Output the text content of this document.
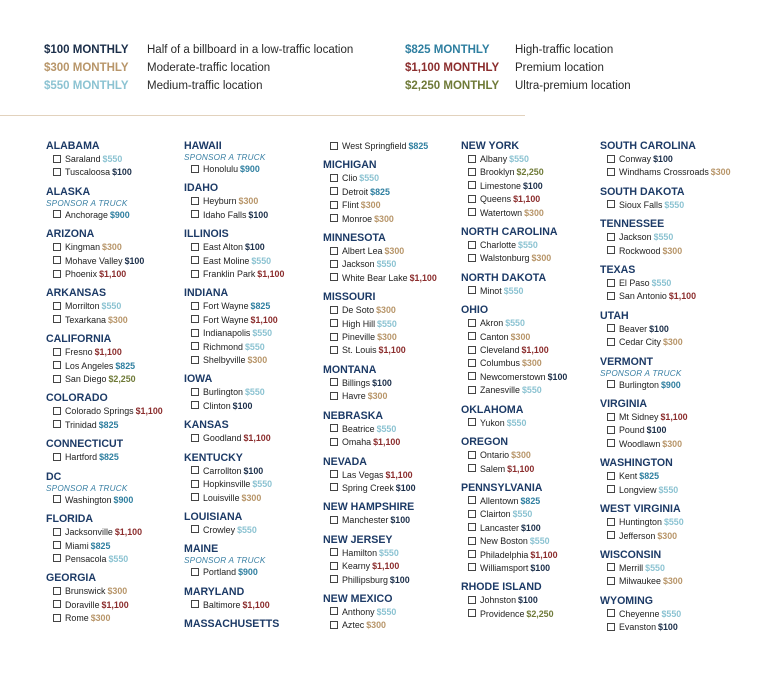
$100 MONTHLY Half of a billboard in a low-traffic location
$300 MONTHLY Moderate-traffic location
$550 MONTHLY Medium-traffic location
$825 MONTHLY High-traffic location
$1,100 MONTHLY Premium location
$2,250 MONTHLY Ultra-premium location
ALABAMA
Saraland $550
Tuscaloosa $100
ALASKA
SPONSOR A TRUCK
Anchorage $900
ARIZONA
Kingman $300
Mohave Valley $100
Phoenix $1,100
ARKANSAS
Morrilton $550
Texarkana $300
CALIFORNIA
Fresno $1,100
Los Angeles $825
San Diego $2,250
COLORADO
Colorado Springs $1,100
Trinidad $825
CONNECTICUT
Hartford $825
DC
SPONSOR A TRUCK
Washington $900
FLORIDA
Jacksonville $1,100
Miami $825
Pensacola $550
GEORGIA
Brunswick $300
Doraville $1,100
Rome $300
HAWAII
SPONSOR A TRUCK
Honolulu $900
IDAHO
Heyburn $300
Idaho Falls $100
ILLINOIS
East Alton $100
East Moline $550
Franklin Park $1,100
INDIANA
Fort Wayne $825
Fort Wayne $1,100
Indianapolis $550
Richmond $550
Shelbyville $300
IOWA
Burlington $550
Clinton $100
KANSAS
Goodland $1,100
KENTUCKY
Carrollton $100
Hopkinsville $550
Louisville $300
LOUISIANA
Crowley $550
MAINE
SPONSOR A TRUCK
Portland $900
MARYLAND
Baltimore $1,100
MASSACHUSETTS
West Springfield $825
MICHIGAN
Clio $550
Detroit $825
Flint $300
Monroe $300
MINNESOTA
Albert Lea $300
Jackson $550
White Bear Lake $1,100
MISSOURI
De Soto $300
High Hill $550
Pineville $300
St. Louis $1,100
MONTANA
Billings $100
Havre $300
NEBRASKA
Beatrice $550
Omaha $1,100
NEVADA
Las Vegas $1,100
Spring Creek $100
NEW HAMPSHIRE
Manchester $100
NEW JERSEY
Hamilton $550
Kearny $1,100
Phillipsburg $100
NEW MEXICO
Anthony $550
Aztec $300
NEW YORK
Albany $550
Brooklyn $2,250
Limestone $100
Queens $1,100
Watertown $300
NORTH CAROLINA
Charlotte $550
Walstonburg $300
NORTH DAKOTA
Minot $550
OHIO
Akron $550
Canton $300
Cleveland $1,100
Columbus $300
Newcomerstown $100
Zanesville $550
OKLAHOMA
Yukon $550
OREGON
Ontario $300
Salem $1,100
PENNSYLVANIA
Allentown $825
Clairton $550
Lancaster $100
New Boston $550
Philadelphia $1,100
Williamsport $100
RHODE ISLAND
Johnston $100
Providence $2,250
SOUTH CAROLINA
Conway $100
Windhams Crossroads $300
SOUTH DAKOTA
Sioux Falls $550
TENNESSEE
Jackson $550
Rockwood $300
TEXAS
El Paso $550
San Antonio $1,100
UTAH
Beaver $100
Cedar City $300
VERMONT
SPONSOR A TRUCK
Burlington $900
VIRGINIA
Mt Sidney $1,100
Pound $100
Woodlawn $300
WASHINGTON
Kent $825
Longview $550
WEST VIRGINIA
Huntington $550
Jefferson $300
WISCONSIN
Merrill $550
Milwaukee $300
WYOMING
Cheyenne $550
Evanston $100
